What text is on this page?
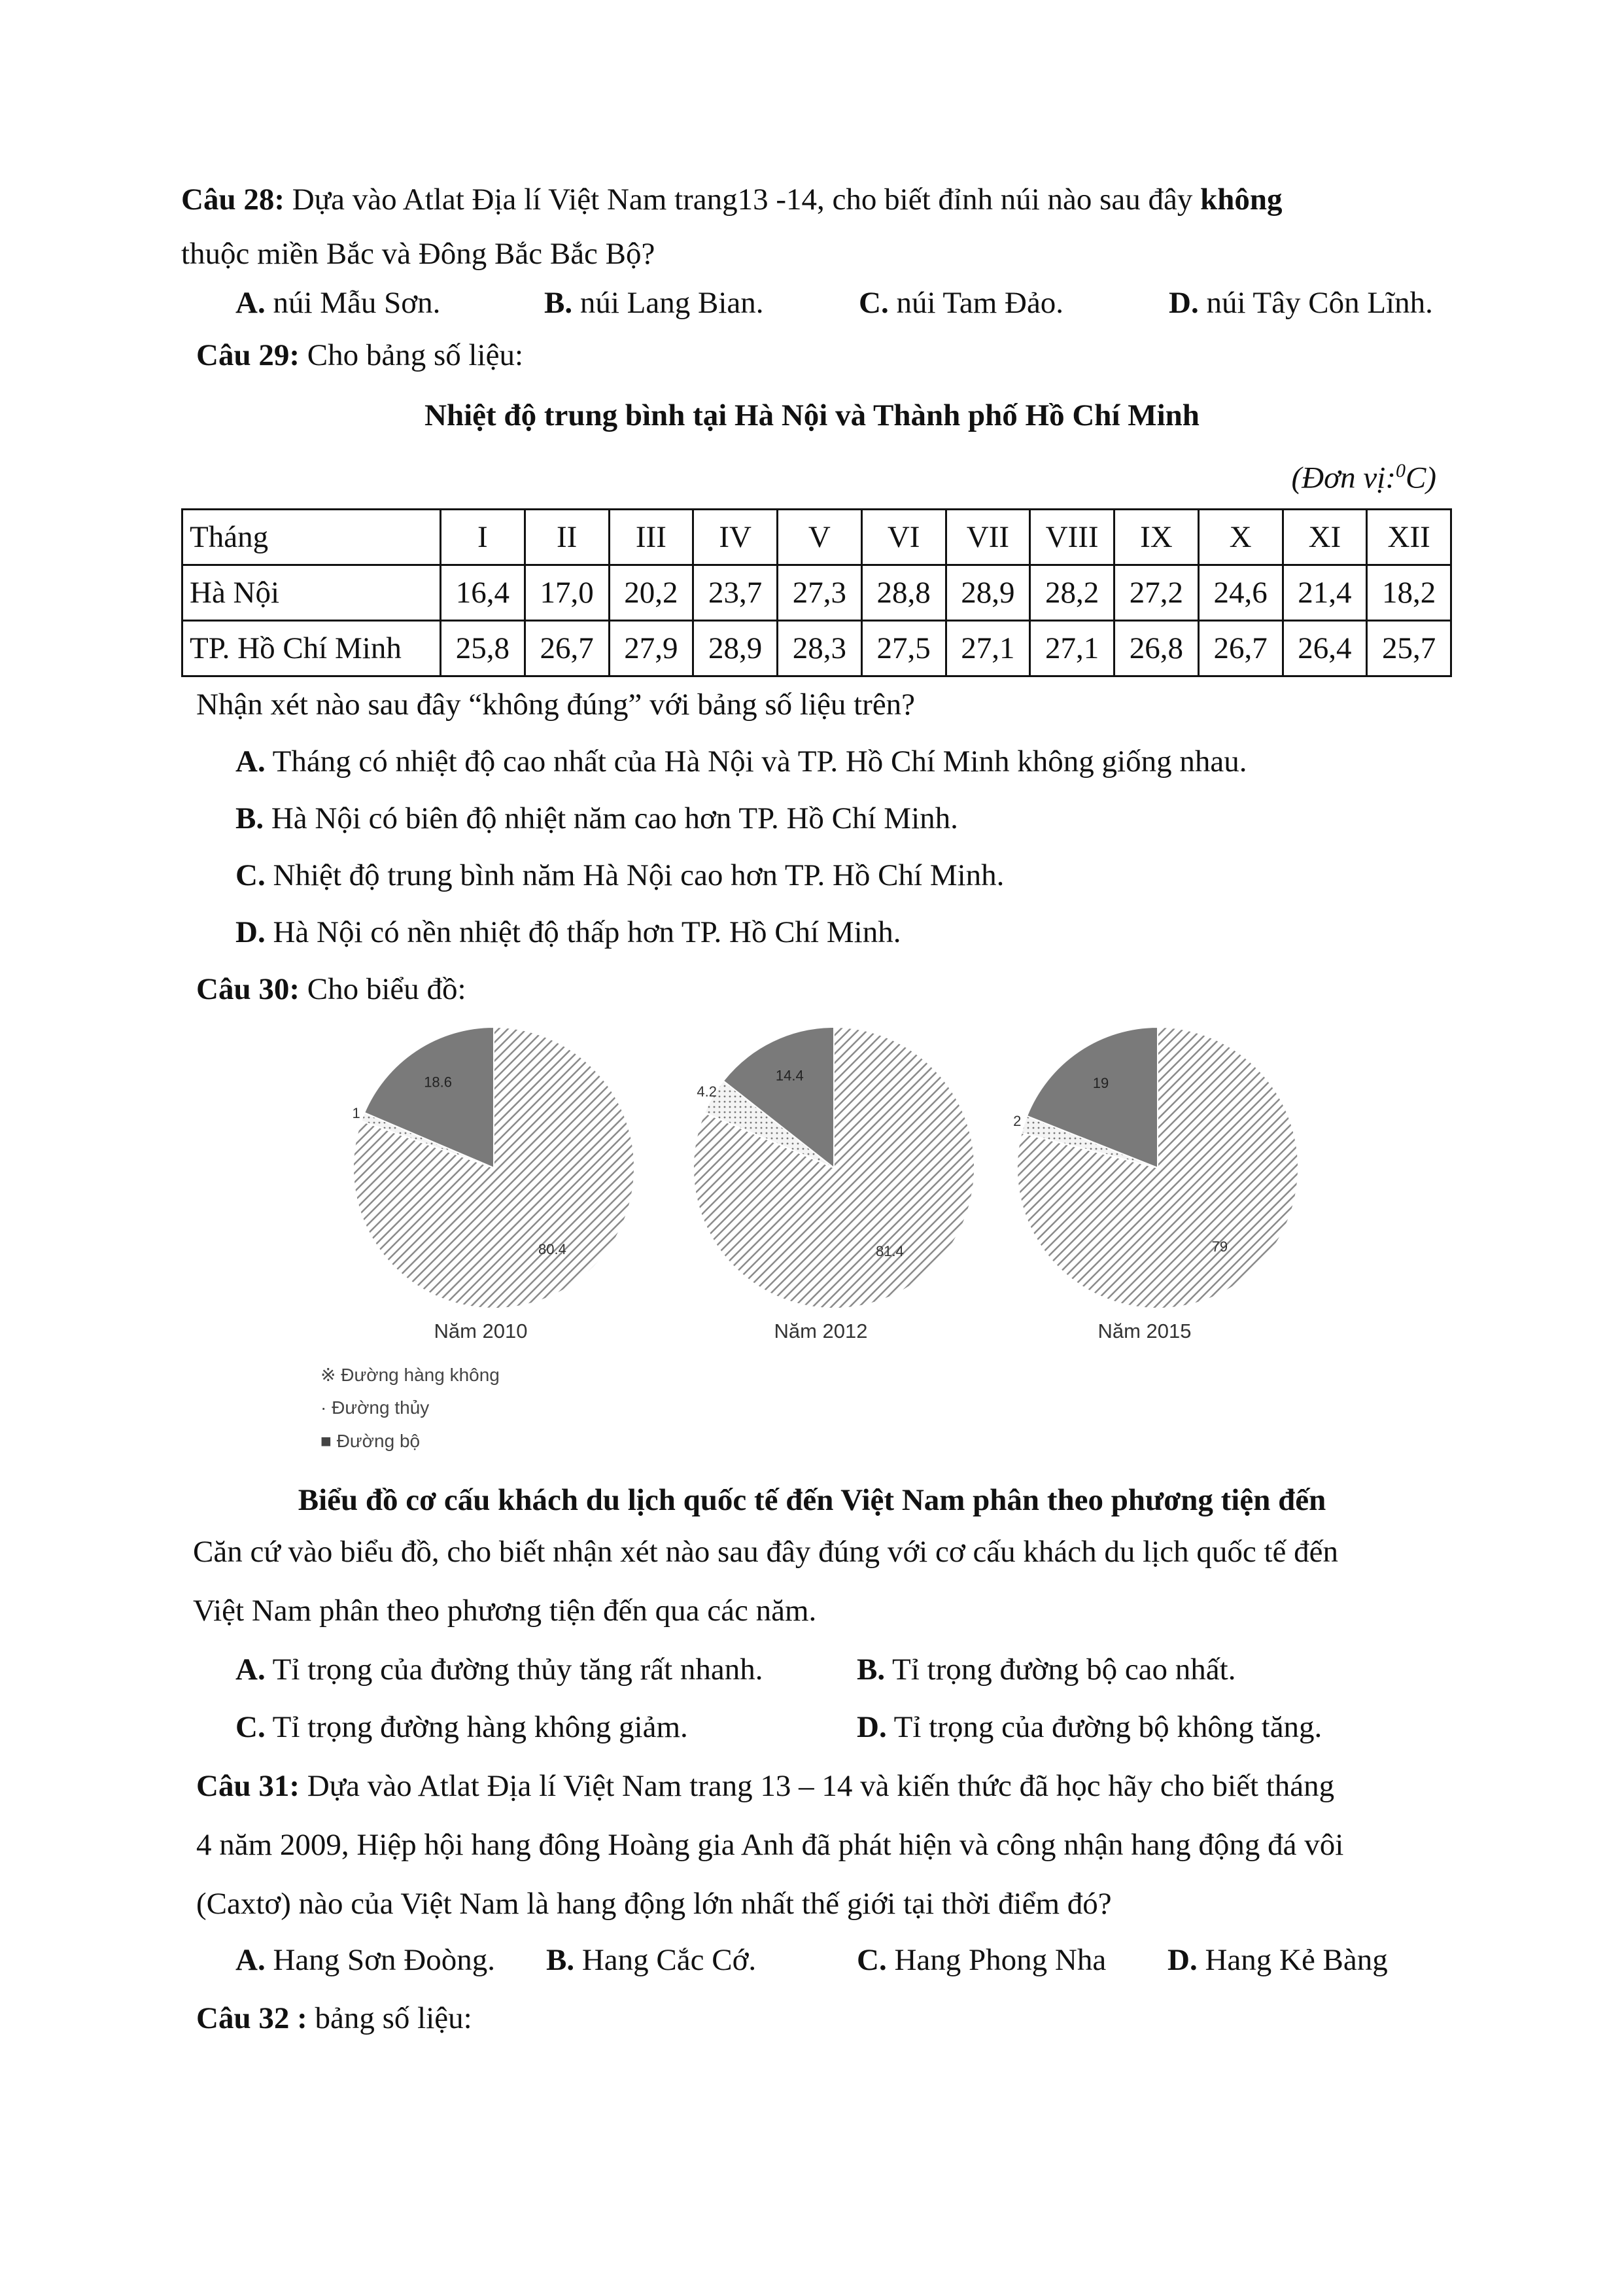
Câu 28: Dựa vào Atlat Địa lí Việt Nam trang13 -14, cho biết đỉnh núi nào sau đây không
thuộc miền Bắc và Đông Bắc Bắc Bộ?
A. núi Mẫu Sơn.	B. núi Lang Bian.	C. núi Tam Đảo.	D. núi Tây Côn Lĩnh.
Câu 29: Cho bảng số liệu:
Nhiệt độ trung bình tại Hà Nội và Thành phố Hồ Chí Minh
(Đơn vị:$^0$C)
Tháng	I	II	III	IV	V	VI	VII	VIII	IX	X	XI	XII
Hà Nội	16,4	17,0	20,2	23,7	27,3	28,8	28,9	28,2	27,2	24,6	21,4	18,2
TP. Hồ Chí Minh	25,8	26,7	27,9	28,9	28,3	27,5	27,1	27,1	26,8	26,7	26,4	25,7
Nhận xét nào sau đây “không đúng” với bảng số liệu trên?
A. Tháng có nhiệt độ cao nhất của Hà Nội và TP. Hồ Chí Minh không giống nhau.
B. Hà Nội có biên độ nhiệt năm cao hơn TP. Hồ Chí Minh.
C. Nhiệt độ trung bình năm Hà Nội cao hơn TP. Hồ Chí Minh.
D. Hà Nội có nền nhiệt độ thấp hơn TP. Hồ Chí Minh.
Câu 30: Cho biểu đồ:
80.4
1
18.6
Năm 2010
81.4
4.2
14.4
Năm 2012
79
2
19
Năm 2015
※ Đường hàng không
· Đường thủy
■ Đường bộ
Biểu đồ cơ cấu khách du lịch quốc tế đến Việt Nam phân theo phương tiện đến
Căn cứ vào biểu đồ, cho biết nhận xét nào sau đây đúng với cơ cấu khách du lịch quốc tế đến
Việt Nam phân theo phương tiện đến qua các năm.
A. Tỉ trọng của đường thủy tăng rất nhanh.	B. Tỉ trọng đường bộ cao nhất.
C. Tỉ trọng đường hàng không giảm.	D. Tỉ trọng của đường bộ không tăng.
Câu 31: Dựa vào Atlat Địa lí Việt Nam trang 13 – 14 và kiến thức đã học hãy cho biết tháng
4 năm 2009, Hiệp hội hang đông Hoàng gia Anh đã phát hiện và công nhận hang động đá vôi
(Caxtơ) nào của Việt Nam là hang động lớn nhất thế giới tại thời điểm đó?
A. Hang Sơn Đoòng. B. Hang Cắc Cớ.	C. Hang Phong Nha D. Hang Kẻ Bàng
Câu 32 : bảng số liệu:
